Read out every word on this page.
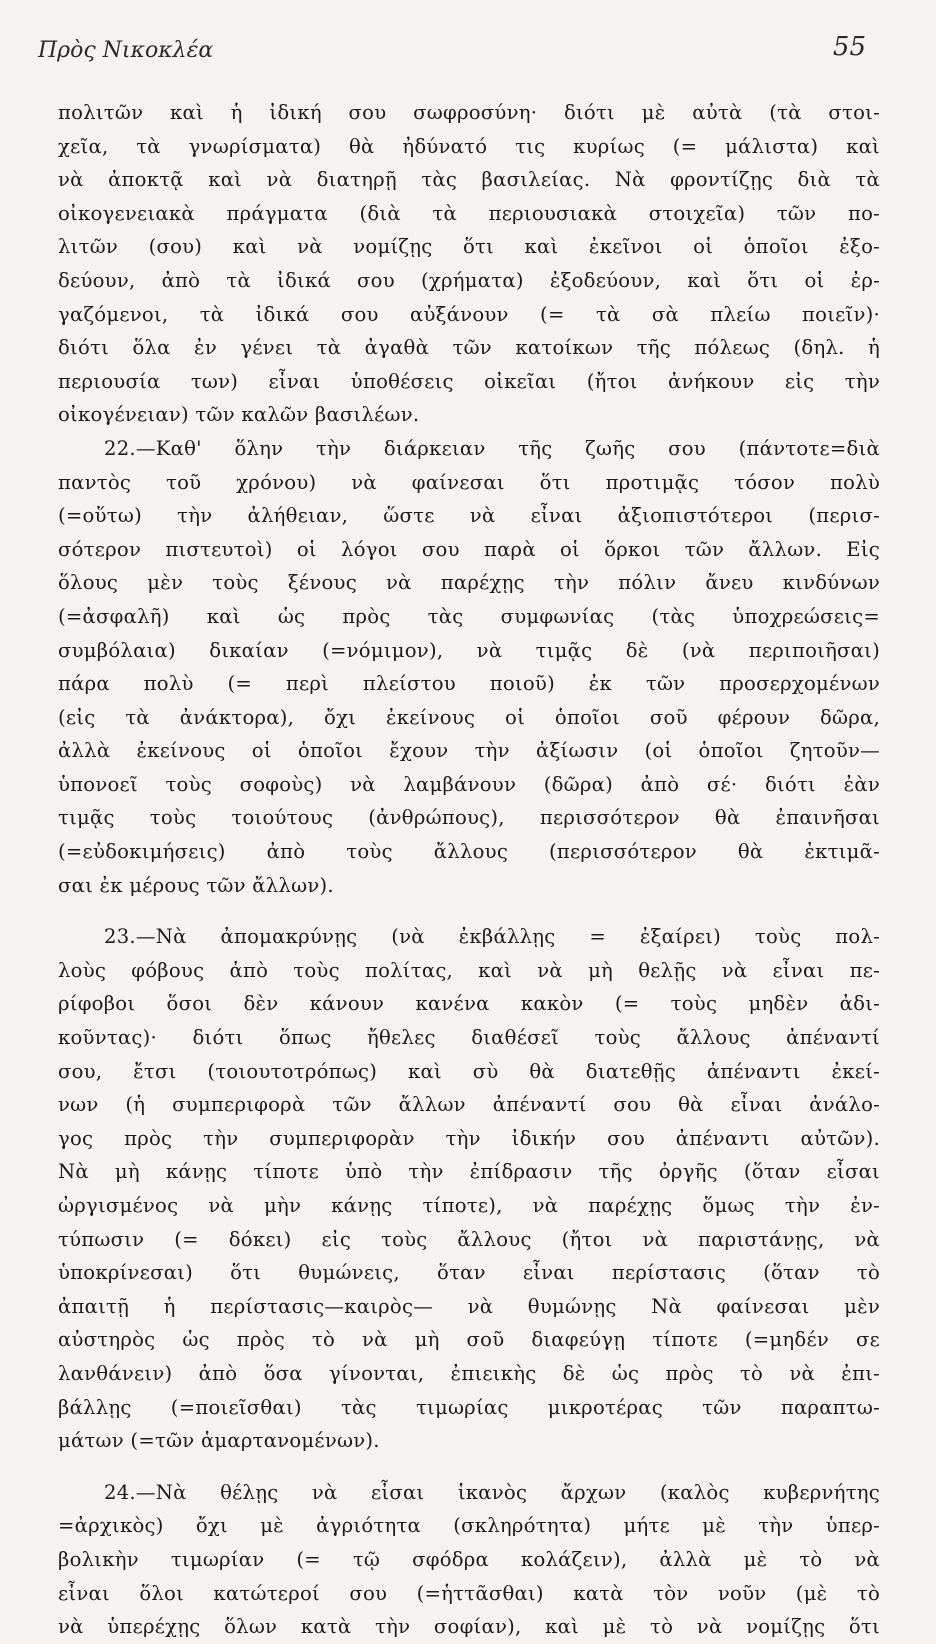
Πρὸς Νικοκλέα	55
πολιτῶν καὶ ἡ ἰδική σου σωφροσύνη· διότι μὲ αὐτὰ (τὰ στοι-
χεῖα, τὰ γνωρίσματα) θὰ ἠδύνατό τις κυρίως (= μάλιστα) καὶ
νὰ ἀποκτᾷ καὶ νὰ διατηρῇ τὰς βασιλείας. Νὰ φροντίζῃς διὰ τὰ
οἰκογενειακὰ πράγματα (διὰ τὰ περιουσιακὰ στοιχεῖα) τῶν πο-
λιτῶν (σου) καὶ νὰ νομίζῃς ὅτι καὶ ἐκεῖνοι οἱ ὁποῖοι ἐξο-
δεύουν, ἀπὸ τὰ ἰδικά σου (χρήματα) ἐξοδεύουν, καὶ ὅτι οἱ ἐρ-
γαζόμενοι, τὰ ἰδικά σου αὐξάνουν (= τὰ σὰ πλείω ποιεῖν)·
διότι ὅλα ἐν γένει τὰ ἀγαθὰ τῶν κατοίκων τῆς πόλεως (δηλ. ἡ
περιουσία των) εἶναι ὑποθέσεις οἰκεῖαι (ἤτοι ἀνήκουν εἰς τὴν
οἰκογένειαν) τῶν καλῶν βασιλέων.
22.—Καθ' ὅλην τὴν διάρκειαν τῆς ζωῆς σου (πάντοτε=διὰ
παντὸς τοῦ χρόνου) νὰ φαίνεσαι ὅτι προτιμᾷς τόσον πολὺ
(=οὕτω) τὴν ἀλήθειαν, ὥστε νὰ εἶναι ἀξιοπιστότεροι (περισ-
σότερον πιστευτοὶ) οἱ λόγοι σου παρὰ οἱ ὅρκοι τῶν ἄλλων. Εἰς
ὅλους μὲν τοὺς ξένους νὰ παρέχῃς τὴν πόλιν ἄνευ κινδύνων
(=ἀσφαλῆ) καὶ ὡς πρὸς τὰς συμφωνίας (τὰς ὑποχρεώσεις=
συμβόλαια) δικαίαν (=νόμιμον), νὰ τιμᾷς δὲ (νὰ περιποιῆσαι)
πάρα πολὺ (= περὶ πλείστου ποιοῦ) ἐκ τῶν προσερχομένων
(εἰς τὰ ἀνάκτορα), ὄχι ἐκείνους οἱ ὁποῖοι σοῦ φέρουν δῶρα,
ἀλλὰ ἐκείνους οἱ ὁποῖοι ἔχουν τὴν ἀξίωσιν (οἱ ὁποῖοι ζητοῦν—
ὑπονοεῖ τοὺς σοφοὺς) νὰ λαμβάνουν (δῶρα) ἀπὸ σέ· διότι ἐὰν
τιμᾷς τοὺς τοιούτους (ἀνθρώπους), περισσότερον θὰ ἐπαινῆσαι
(=εὐδοκιμήσεις) ἀπὸ τοὺς ἄλλους (περισσότερον θὰ ἐκτιμᾶ-
σαι ἐκ μέρους τῶν ἄλλων).
23.—Νὰ ἀπομακρύνῃς (νὰ ἐκβάλλῃς = ἐξαίρει) τοὺς πολ-
λοὺς φόβους ἀπὸ τοὺς πολίτας, καὶ νὰ μὴ θελῇς νὰ εἶναι πε-
ρίφοβοι ὅσοι δὲν κάνουν κανένα κακὸν (= τοὺς μηδὲν ἀδι-
κοῦντας)· διότι ὅπως ἤθελες διαθέσεῖ τοὺς ἄλλους ἀπέναντί
σου, ἔτσι (τοιουτοτρόπως) καὶ σὺ θὰ διατεθῇς ἀπέναντι ἐκεί-
νων (ἡ συμπεριφορὰ τῶν ἄλλων ἀπέναντί σου θὰ εἶναι ἀνάλο-
γος πρὸς τὴν συμπεριφορὰν τὴν ἰδικήν σου ἀπέναντι αὐτῶν).
Νὰ μὴ κάνῃς τίποτε ὑπὸ τὴν ἐπίδρασιν τῆς ὀργῆς (ὅταν εἶσαι
ὠργισμένος νὰ μὴν κάνῃς τίποτε), νὰ παρέχῃς ὅμως τὴν ἐν-
τύπωσιν (= δόκει) εἰς τοὺς ἄλλους (ἤτοι νὰ παριστάνῃς, νὰ
ὑποκρίνεσαι) ὅτι θυμώνεις, ὅταν εἶναι περίστασις (ὅταν τὸ
ἀπαιτῇ ἡ περίστασις—καιρὸς— νὰ θυμώνῃς Νὰ φαίνεσαι μὲν
αὐστηρὸς ὡς πρὸς τὸ νὰ μὴ σοῦ διαφεύγῃ τίποτε (=μηδέν σε
λανθάνειν) ἀπὸ ὅσα γίνονται, ἐπιεικὴς δὲ ὡς πρὸς τὸ νὰ ἐπι-
βάλλῃς (=ποιεῖσθαι) τὰς τιμωρίας μικροτέρας τῶν παραπτω-
μάτων (=τῶν ἁμαρτανομένων).
24.—Νὰ θέλῃς νὰ εἶσαι ἱκανὸς ἄρχων (καλὸς κυβερνήτης
=ἀρχικὸς) ὄχι μὲ ἀγριότητα (σκληρότητα) μήτε μὲ τὴν ὑπερ-
βολικὴν τιμωρίαν (= τῷ σφόδρα κολάζειν), ἀλλὰ μὲ τὸ νὰ
εἶναι ὅλοι κατώτεροί σου (=ἡττᾶσθαι) κατὰ τὸν νοῦν (μὲ τὸ
νὰ ὑπερέχῃς ὅλων κατὰ τὴν σοφίαν), καὶ μὲ τὸ νὰ νομίζῃς ὅτι
